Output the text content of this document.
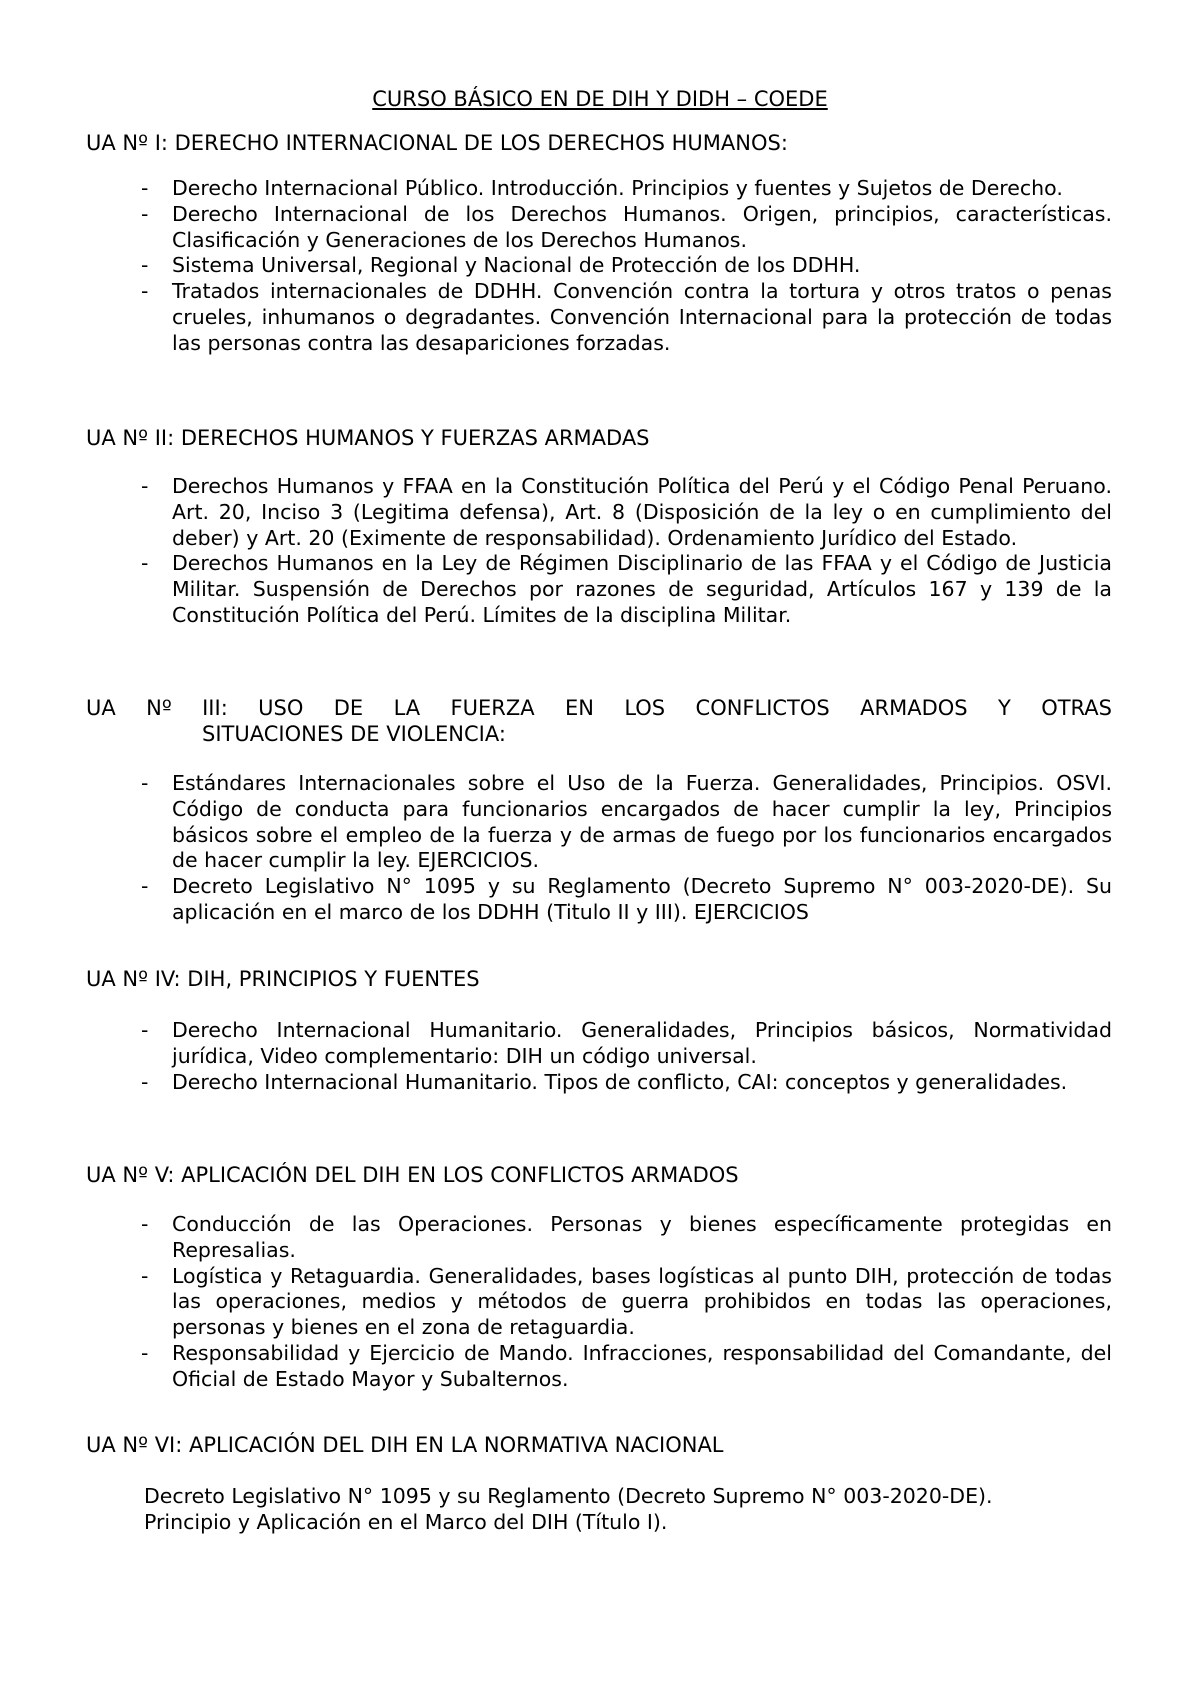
CURSO BÁSICO EN DE DIH Y DIDH – COEDE
UA Nº I: DERECHO INTERNACIONAL DE LOS DERECHOS HUMANOS:
- Derecho Internacional Público. Introducción. Principios y fuentes y Sujetos de Derecho.
- Derecho Internacional de los Derechos Humanos. Origen, principios, características. Clasificación y Generaciones de los Derechos Humanos.
- Sistema Universal, Regional y Nacional de Protección de los DDHH.
- Tratados internacionales de DDHH. Convención contra la tortura y otros tratos o penas crueles, inhumanos o degradantes. Convención Internacional para la protección de todas las personas contra las desapariciones forzadas.
UA Nº II: DERECHOS HUMANOS Y FUERZAS ARMADAS
- Derechos Humanos y FFAA en la Constitución Política del Perú y el Código Penal Peruano. Art. 20, Inciso 3 (Legitima defensa), Art. 8 (Disposición de la ley o en cumplimiento del deber) y Art. 20 (Eximente de responsabilidad). Ordenamiento Jurídico del Estado.
- Derechos Humanos en la Ley de Régimen Disciplinario de las FFAA y el Código de Justicia Militar. Suspensión de Derechos por razones de seguridad, Artículos 167 y 139 de la Constitución Política del Perú. Límites de la disciplina Militar.
UA Nº III: USO DE LA FUERZA EN LOS CONFLICTOS ARMADOS Y OTRAS
SITUACIONES DE VIOLENCIA:
- Estándares Internacionales sobre el Uso de la Fuerza. Generalidades, Principios. OSVI. Código de conducta para funcionarios encargados de hacer cumplir la ley, Principios básicos sobre el empleo de la fuerza y de armas de fuego por los funcionarios encargados de hacer cumplir la ley. EJERCICIOS.
- Decreto Legislativo N° 1095 y su Reglamento (Decreto Supremo N° 003-2020-DE). Su aplicación en el marco de los DDHH (Titulo II y III). EJERCICIOS
UA Nº IV: DIH, PRINCIPIOS Y FUENTES
- Derecho Internacional Humanitario. Generalidades, Principios básicos, Normatividad jurídica, Video complementario: DIH un código universal.
- Derecho Internacional Humanitario. Tipos de conflicto, CAI: conceptos y generalidades.
UA Nº V: APLICACIÓN DEL DIH EN LOS CONFLICTOS ARMADOS
- Conducción de las Operaciones. Personas y bienes específicamente protegidas en Represalias.
- Logística y Retaguardia. Generalidades, bases logísticas al punto DIH, protección de todas las operaciones, medios y métodos de guerra prohibidos en todas las operaciones, personas y bienes en el zona de retaguardia.
- Responsabilidad y Ejercicio de Mando. Infracciones, responsabilidad del Comandante, del Oficial de Estado Mayor y Subalternos.
UA Nº VI: APLICACIÓN DEL DIH EN LA NORMATIVA NACIONAL

Decreto Legislativo N° 1095 y su Reglamento (Decreto Supremo N° 003-2020-DE).
Principio y Aplicación en el Marco del DIH (Título I).
